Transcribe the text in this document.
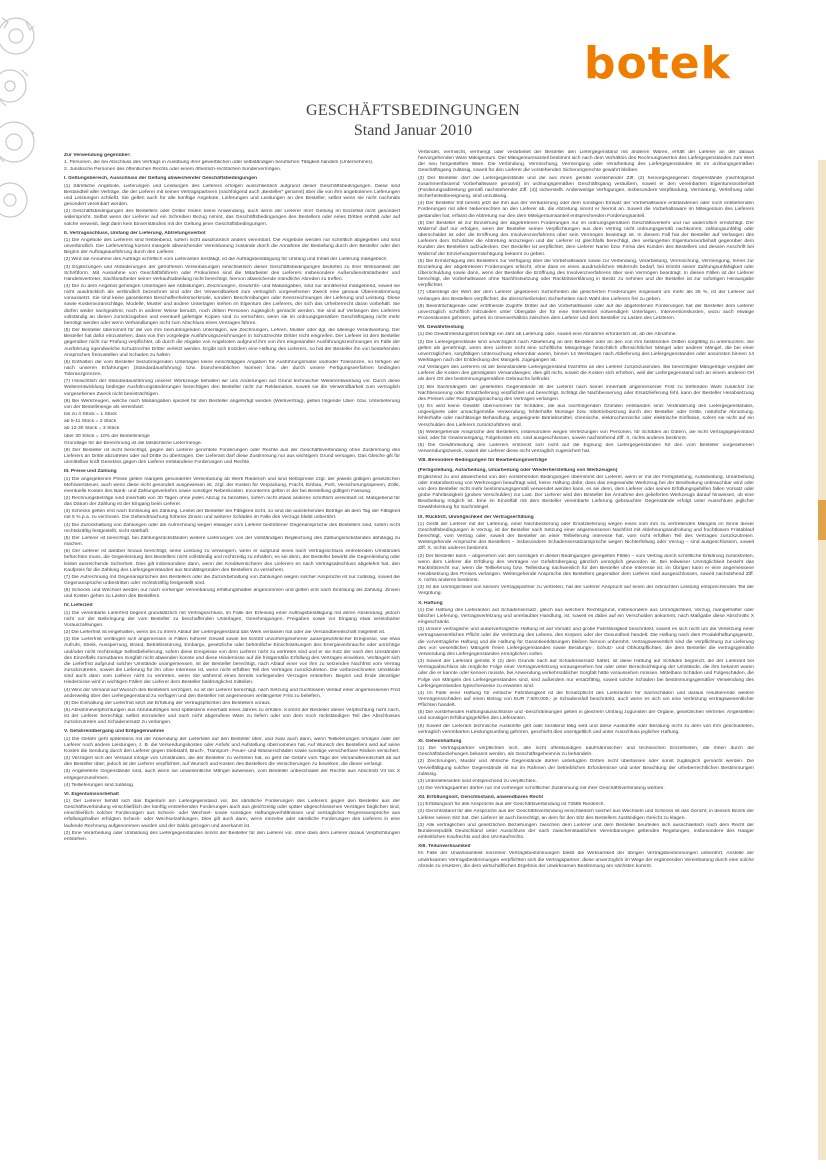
botek
GESCHÄFTSBEDINGUNGEN
Stand Januar 2010
Zur Verwendung gegenüber:
1. Personen, die bei Abschluss des Vertrags in Ausübung ihrer gewerblichen oder selbständigen beruflichen Tätigkeit handeln (Unternehmer).
2. Juristische Personen des öffentlichen Rechts oder einem öffentlich-rechtlichen Sondervermögen.
I. Geltungsbereich, Ausschluss der Geltung abweichender Geschäftsbedingungen
(1) Sämtliche Angebote, Lieferungen und Leistungen des Lieferers erfolgen ausschließlich aufgrund dieser Geschäftsbedingungen. Diese sind Bestandteil aller Verträge, die der Lieferer mit seinen Vertragspartnern (nachfolgend auch „Besteller“ genannt) über die von ihm angebotenen Lieferungen und Leistungen schließt. Sie gelten auch für alle künftige Angebote, Lieferungen und Leistungen an den Besteller, selbst wenn sie nicht nochmals gesondert vereinbart werden.
(2) Geschäftsbedingungen des Bestellers oder Dritter finden keine Anwendung, auch wenn der Lieferer ihrer Geltung im Einzelfall nicht gesondert widerspricht. Selbst wenn der Lieferer auf ein Schreiben Bezug nimmt, das Geschäftsbedingungen des Bestellers oder eines Dritten enthält oder auf solche verweist, liegt darin kein Einverständnis mit der Geltung jener Geschäftsbedingungen.
II. Vertragsschluss, Umfang der Lieferung, Abtretungsverbot
(1) Die Angebote des Lieferers sind freibleibend, sofern nicht ausdrücklich anders vereinbart. Die Angebote werden nur schriftlich abgegeben und sind unverbindlich. Der Liefervertrag kommt mangels abweichender Vereinbarung zustande durch die Annahme der Bestellung durch den Besteller oder den Beginn der Auftragsausführung durch den Lieferer.
(2) Wird die Annahme des Auftrags schriftlich vom Lieferanten bestätigt, ist die Auftragsbestätigung für Umfang und Inhalt der Lieferung maßgeblich.
(3) Ergänzungen und Abänderungen der getroffenen Vereinbarungen einschließlich dieser Geschäftsbedingungen bedürfen zu ihrer Wirksamkeit der Schriftform. Mit Ausnahme von Geschäftsführern oder Prokuristen sind die Mitarbeiter des Lieferers insbesondere Außendienstmitarbeiter und Handelsvertreter, Sachbearbeiter seiner Verkaufsabteilung nicht berechtigt, hiervon abweichende mündliche Abreden zu treffen.
(4) Die zu dem Angebot gehörigen Unterlagen wie Abbildungen, Zeichnungen, Gewichts- und Maßangaben, sind nur annähernd maßgebend, soweit sie nicht ausdrücklich als verbindlich bezeichnet sind oder der Verwendbarkeit zum vertraglich vorgesehenen Zweck eine genaue Übereinstimmung voraussetzt. Sie sind keine garantierten Beschaffenheitsmerkmale, sondern Beschreibungen oder Kennzeichnungen der Lieferung und Leistung. Diese sowie Kostenvoranschläge, Modelle, Muster und andere Unterlagen stehen im Eigentum des Lieferers, der sich das Urheberrecht daran vorbehält. Sie dürfen weder nachgeahmt, noch in anderer Weise benutzt, noch dritten Personen zugänglich gemacht werden. Sie sind auf Verlangen des Lieferers vollständig an diesen zurückzugeben und eventuell gefertigte Kopien sind zu vernichten, wenn sie im ordnungsgemäßen Geschäftsgang nicht mehr benötigt werden oder wenn Verhandlungen nicht zum Abschluss eines Vertrages führen.
(5) Der Besteller übernimmt für die von ihm beizubringenden Unterlagen, wie Zeichnungen, Lehren, Muster oder dgl. die alleinige Verantwortung. Der Besteller hat dafür einzustehen, dass von ihm vorgelegte Ausführungszeichnungen in Schutzrechte Dritter nicht eingreifen. Der Lieferer ist dem Besteller gegenüber nicht zur Prüfung verpflichtet, ob durch die Abgabe von Angeboten aufgrund ihm von ihm eingesandter Ausführungszeichnungen im Falle der Ausführung irgendwelche Schutzrechte Dritter verletzt werden. Ergibt sich trotzdem eine Haftung des Lieferers, so hat der Besteller ihn von bestehenden Ansprüchen freizustellen und Schaden zu halten.
(6) Enthalten die vom Besteller beizubringenden Unterlagen keine einschlägigen Angaben für Ausführungsmaße und/oder Toleranzen, so fertigen wir nach unseren Erfahrungen (Standardausführung) bzw. branchenüblichen Normen bzw. der durch unsere Fertigungsverfahren bedingten Toleranzgrenzen.
(7) Hinsichtlich der Standardausführung unserer Werkzeuge behalten wir uns Änderungen auf Grund technischer Weiterentwicklung vor. Durch diese Weiterentwicklung bedingte Ausführungsänderungen berechtigen den Besteller nicht zur Reklamation, soweit sie die Verwendbarkeit zum vertraglich vorgesehenen Zweck nicht beeinträchtigen.
(8) Bei Werkzeugen, welche nach Maßangaben speziell für den Besteller angefertigt werden (Werkvertrag), gelten folgende Über- bzw. Unterlieferung von der Bestellmenge als vereinbart:
bis zu 4 Stück = 1 Stück
ab 5-11 Stück = 2 Stück
ab 12-30 Stück = 3 Stück
über 30 Stück = 10% der Bestellmenge
Grundlage für die Berechnung ist die tatsächliche Liefermenge.
(9) Der Besteller ist nicht berechtigt, gegen den Lieferer gerichtete Forderungen oder Rechte aus der Geschäftsverbindung ohne Zustimmung des Lieferers an Dritte abzutreten oder auf Dritte zu übertragen. Der Lieferant darf diese Zustimmung nur aus wichtigem Grund versagen. Das Gleiche gilt für unmittelbar kraft Gesetzes gegen den Lieferer entstandene Forderungen und Rechte.
III. Preise und Zahlung
(1) Die angegebenen Preise gelten mangels gesonderter Vereinbarung ab Werk Riederich und sind Nettopreise zzgl. der jeweils gültigen gesetzlichen Mehrwertsteuer, auch wenn diese nicht gesondert ausgewiesen ist, zzgl. der Kosten für Verpackung, Fracht, Einbau, Porti, Versicherungsspesen, Zölle, eventuelle Kosten des Bank- und Zahlungsverkehrs sowie sonstiger Nebenkosten. Inconterms gelten in der bei Bestellung gültigen Fassung.
(2) Rechnungsbeträge sind innerhalb von 30 Tagen ohne jeden Abzug zu bezahlen, sofern nicht etwas anderes schriftlich vereinbart ist. Maßgebend für das Datum der Zahlung ist der Eingang beim Lieferer.
(3) Schecks gelten erst nach Einlösung als Zahlung. Leistet der Besteller bei Fälligkeit nicht, so sind die ausstehenden Beträge ab dem Tag der Fälligkeit mit 5 % p.a. zu verzinsen. Die Geltendmachung höherer Zinsen und weiterer Schäden im Falle des Verzugs bleibt unberührt.
(4) Die Zurückhaltung von Zahlungen oder die Aufrechnung wegen etwaiger vom Lieferer bestrittener Gegenansprüche des Bestellers sind, sofern nicht rechtskräftig festgestellt, nicht statthaft.
(5) Der Lieferer ist berechtigt, bei Zahlungsrückständen weitere Lieferungen von der vollständigen Begleichung des Zahlungsrückstandes abhängig zu machen.
(6) Der Lieferer ist darüber hinaus berechtigt, seine Leistung zu verweigern, wenn er aufgrund eines nach Vertragsschluss eintretenden Umstandes befürchten muss, die Gegenleistung des Bestellers nicht vollständig und rechtzeitig zu erhalten, es sei denn, der Besteller bewirkt die Gegenleistung oder leistet ausreichende Sicherheit. Dies gilt insbesondere dann, wenn der Kreditversicherer des Lieferers es nach Vertragsabschluss abgelehnt hat, den Kaufpreis für die Zahlung des Liefergegenstandes aus Bonitätsgründen des Bestellers zu versichern.
(7) Die Aufrechnung mit Gegenansprüchen des Bestellers oder die Zurückbehaltung von Zahlungen wegen solcher Ansprüche ist nur zulässig, soweit die Gegenansprüche unbestritten oder rechtskräftig festgestellt sind.
(8) Schecks und Wechsel werden nur nach vorheriger Vereinbarung erfüllungshalber angenommen und gelten erst nach Einlösung als Zahlung. Zinsen und Kosten gehen zu Lasten des Bestellers.
IV. Lieferzeit
(1) Die vereinbarte Lieferfrist beginnt grundsätzlich mit Vertragsschluss, im Falle der Erteilung einer Auftragsbestätigung mit deren Absendung, jedoch nicht vor der Beibringung der vom Besteller zu beschaffenden Unterlagen, Genehmigungen, Freigaben sowie vor Eingang etwa vereinbarter Vorauszahlungen.
(2) Die Lieferfrist ist eingehalten, wenn bis zu ihrem Ablauf der Liefergegenstand das Werk verlassen hat oder die Versandbereitschaft mitgeteilt ist.
(3) Die Lieferfrist verlängert sich angemessen in Fällen höherer Gewalt sowie bei Eintritt unvorhergesehener außergewöhnlicher Ereignisse, wie etwa Aufruhr, Streik, Aussperrung, Brand, Betriebsstörung, Embargo, gesetzliche oder behördliche Einschränkungen des Energieverbrauchs oder unrichtige und/oder nicht rechtzeitige Selbstbelieferung, sofern diese Ereignisse von dem Lieferer nicht zu vertreten sind und er sie trotz der nach den Umständen des Einzelfalls zumutbaren Sorgfalt nicht abwenden konnte und diese Hindernisse auf die fristgemäße Erfüllung des Vertrages einwirken. Verlängert sich die Lieferfrist aufgrund solcher Umstände unangemessen, ist der Besteller berechtigt, nach Ablauf einer von ihm zu setzenden Nachfrist vom Vertrag zurückzutreten, soweit die Lieferung für ihn ohne Interesse ist, wenn nicht erfüllten Teil des Vertrages zurückzutreten. Die vorbezeichneten Umstände sind auch dann vom Lieferer nicht zu vertreten, wenn Sie während eines bereits vorliegenden Verzuges entstehen. Beginn und Ende derartiger Hindernisse wird in wichtigen Fällen der Lieferer dem Besteller baldmöglichst mitteilen.
(4) Wird der Versand auf Wunsch des Bestellers verzögert, so ist der Lieferer berechtigt, nach Setzung und fruchtlosem Verlauf einer angemessenen Frist anderweitig über den Liefergegenstand zu verfügen und den Besteller mit angemessen verlängerter Frist zu beliefern.
(5) Die Einhaltung der Lieferfrist setzt die Erfüllung der Vertragspflichten des Bestellers voraus.
(6) Abnahmeverpflichtungen aus Abrufaufträgen sind spätestens innerhalb eines Jahres zu erfüllen. Kommt der Besteller dieser Verpflichtung nicht nach, ist der Lieferer berechtigt, selbst einzuteilen und nach nicht abgerufene Ware zu liefern oder von dem noch rückständigen Teil des Abschlusses zurückzutreten und Schadenersatz zu verlangen.
V. Gefahrenübergang und Entgegennahme
(1) Die Gefahr geht spätestens mit der Absendung der Lieferteile auf den Besteller über, und zwar auch dann, wenn Teillieferungen erfolgen oder der Lieferer noch andere Leistungen, z. B. die Versendungskosten oder Anfuhr und Aufstellung übernommen hat. Auf Wunsch des Bestellers wird auf seine Kosten die Sendung durch den Lieferer gegen Diebstahl, Bruch-, Transport-, Feuer- und Wasserschäden sowie sonstige versicherbare Risiken versichert.
(2) Verzögert sich der Versand infolge von Umständen, die der Besteller zu vertreten hat, so geht die Gefahr vom Tage der Versandbereitschaft ab auf den Besteller über; jedoch ist der Lieferer verpflichtet, auf Wunsch und Kosten des Bestellers die Versicherungen zu bewirken, die dieser verlangt.
(3) Angelieferte Gegenstände sind, auch wenn sie unwesentliche Mängel aufweisen, vom Besteller unbeschadet der Rechte aus Abschnitt VII bis X entgegenzunehmen.
(4) Teillieferungen sind zulässig.
VI. Eigentumsvorbehalt
(1) Der Lieferer behält sich das Eigentum am Liefergegenstand vor, bis sämtliche Forderungen des Lieferers gegen den Besteller aus der Geschäftsverbindung einschließlich der künftig entstehenden Forderungen auch aus gleichzeitig oder später abgeschlossenen Verträgen beglichen sind, einschließlich solcher Forderungen aus Scheck- oder Wechsel- sowie sonstigen Haftungsverhältnissen und vertraglicher Regressansprüche aus erfüllungshalber erfolgten Scheck- oder Wechselzahlungen. Dies gilt auch dann, wenn einzelne oder sämtliche Forderungen des Lieferers in eine laufende Rechnung aufgenommen wurden und der Saldo gezogen und anerkannt ist.
(2) Eine Verarbeitung oder Umbildung des Liefergegenstandes nimmt der Besteller für den Lieferer vor, ohne dass dem Lieferer daraus Verpflichtungen entstehen.
Verbindet, vermischt, vermengt oder verarbeitet der Besteller den Liefergegenstand mit anderen Waren, erhält der Lieferer an der daraus hervorgehenden Ware Miteigentum. Der Miteigentumsanteil bestimmt sich nach dem Verhältnis des Rechnungswertes des Liefergegenstandes zum Wert der neu hergestellten Ware. Die Verbindung, Vermischung, Vermengung oder Verarbeitung des Liefergegenstandes ist im ordnungsgemäßen Geschäftsgang zulässig, soweit für den Lieferer die vorstehenden Sicherungsrechte gewahrt bleiben.
(3) Der Besteller darf die Liefergegenstände und die aus ihnen gemäß vorstehender Ziff. (2) hervorgegangenen Gegenstände (nachfolgend zusammenfassend Vorbehaltsware genannt) im ordnungsgemäßen Geschäftsgang veräußern, soweit er den vereinbarten Eigentumsvorbehalt (Forderungsabtretung gemäß nachstehender Ziff. (4)) sicherstellt. Anderweitige Verfügungen, insbesondere Verpfändung, Vermietung, Verleihung oder Sicherheitsübereignung, sind unzulässig.
(4) Der Besteller tritt bereits jetzt die ihm aus der Veräußerung oder dem sonstigen Einsatz der Vorbehaltsware entstandenen oder noch entstehenden Forderungen mit allen Nebenrechten an den Lieferer ab, die Abtretung nimmt er hiermit an. Soweit die Vorbehaltsware im Miteigentum des Lieferers gestanden hat, erfasst die Abtretung nur den dem Miteigentumsanteil entsprechenden Forderungsanteil.
(5) Der Besteller ist zur Einziehung der abgetretenen Forderungen nur im ordnungsgemäßen Geschäftsverkehr und nur widerruflich ermächtigt. Der Widerruf darf nur erfolgen, wenn der Besteller seinen Verpflichtungen aus dem Vertrag nicht ordnungsgemäß nachkommt, zahlungsunfähig oder überschuldet ist oder die Eröffnung des Insolvenzverfahrens über sein Vermögen beantragt ist. In diesem Fall hat der Besteller auf Verlangen des Lieferers dem Schuldner die Abtretung anzuzeigen und der Lieferer ist gleichfalls berechtigt, den verlangerten Eigentumsvorbehalt gegenüber dem Kunden des Bestellers aufzudecken. Der Besteller ist verpflichtet, dem Lieferer Name bzw. Firma des Kunden des Bestellers und dessen Anschrift bei Widerruf der Einziehungsermächtigung bekannt zu geben.
(6) Die Ermächtigung des Bestellers zur Verfügung über die Vorbehaltsware sowie zur Verbindung, Verarbeitung, Vermischung, Vermengung, ferner zur Einziehung der abgetretenen Forderungen erlischt, ohne dass es eines ausdrücklichen Widerrufs bedarf, bei Eintritt seiner Zahlungsunfähigkeit oder Überschuldung sowie dann, wenn der Besteller die Eröffnung des Insolvenzverfahrens über sein Vermögen beantragt. In diesen Fällen ist der Lieferer berechtigt, die Vorbehaltsware ohne Nachfristsetzung oder Rücktrittserklärung in Besitz zu nehmen und der Besteller ist zur sofortigen Herausgabe verpflichtet.
(7) Übersteigt der Wert der dem Lieferer gegebenen Sicherheiten die gesicherten Forderungen insgesamt um mehr als 25 %, ist der Lieferer auf Verlangen des Bestellers verpflichtet, die überschießenden Sicherheiten nach Wahl des Lieferers frei zu geben.
(8) Beeinträchtigende oder eröffnende Zugriffe Dritter auf die Vorbehaltsware oder auf die abgetretenen Forderungen hat der Besteller dem Lieferer unverzüglich schriftlich mitzuteilen unter Übergabe der für eine Intervention notwendigen Unterlagen. Interventionskosten, wozu auch etwaige Prozesskosten gehören, gehen im Innenverhältnis zwischen dem Lieferer und dem Besteller zu Lasten des Letzteren.
VII. Gewährleistung
(1) Die Gewährleistungsfrist beträgt ein Jahr ab Lieferung oder, soweit eine Abnahme erforderlich ist, ab der Abnahme.
(2) Die Liefergegenstände sind unverzüglich nach Ablieferung an den Besteller oder an den von ihm bestimmten Dritten sorgfältig zu untersuchen. Sie gelten als genehmigt, wenn dem Lieferer nicht eine schriftliche Mängelrüge hinsichtlich offensichtlicher Mängel oder anderer Mängel, die bei einer unverzüglichen, sorgfältigen Untersuchung erkennbar waren, binnen 14 Werktagen nach Ablieferung des Liefergegenstandes oder ansonsten binnen 14 Werktagen nach der Entdeckung des Mangels, zugegangen ist.
Auf Verlangen des Lieferers ist der beanstandete Liefergegenstand frachtfrei an den Lieferer zurückzusenden. Bei berechtigter Mängelrüge vergütet der Lieferer die Kosten des günstigsten Versandweges; dies gilt nicht, soweit die Kosten sich erhöhen, weil der Liefergegenstand sich an einem anderen Ort als dem Ort des bestimmungsgemäßen Gebrauchs befindet.
(3) Bei Sachmängeln der gelieferten Gegenstände ist der Lieferer nach seiner innerhalb angemessener Frist zu treffenden Wahl zunächst zur Nachbesserung oder Ersatzlieferung verpflichtet und berechtigt. Schlägt die Nachbesserung oder Ersatzlieferung fehl, kann der Besteller Herabsetzung des Preises oder Rückgängigmachung des Vertrages verlangen.
(4) Es wird keine Gewähr übernommen für Schäden, die aus nachfolgenden Gründen entstanden sind: Veränderung des Liefergegenstandes, ungeeignete oder unsachgemäße Verwendung, fehlerhafte Montage bzw. Inbetriebsetzung durch den Besteller oder Dritte, natürliche Abnutzung, fehlerhafte oder nachlässige Behandlung, ungeeignete Betriebsmittel, chemische, elektrochemische oder elektrische Einflüsse, sofern sie nicht auf ein Verschulden des Lieferers zurückzuführen sind.
(5) Weitergehende Ansprüche des Bestellers, insbesondere wegen Verletzungen von Personen, für Schäden an Gütern, die nicht Vertragsgegenstand sind, oder für Gewinnentgang, Folgekosten etc. sind ausgeschlossen, soweit nachstehend Ziff. X. nichts anderes bestimmt.
(6) Die Gewährleistung des Lieferers erstreckt sich nicht auf die Eignung des Liefergegenstandes für den vom Besteller vorgesehenen Verwendungszweck, soweit der Lieferer diese nicht vertraglich zugesichert hat.
VIII. Besondere Bedingungen für Bearbeitungsverträge
(Fertigstellung, Aufarbeitung, Umarbeitung oder Wiederherstellung von Werkzeugen)
Ergänzend zu und abweichend von den vorstehenden Bedingungen übernimmt der Lieferer, wenn er mit der Fertigstellung, Aufarbeitung, Umarbeitung oder Instandsetzung von Werkzeugen beauftragt wird, keine Haftung dafür, dass das eingesandte Werkzeug bei der Bearbeitung unbrauchbar wird oder von dem Besteller nicht mehr bestimmungsgemäß verwendet werden kann, es sei denn, dem Lieferer oder seinen Erfüllungsgehilfen fallen Vorsatz oder grobe Fahrlässigkeit (grobes Verschulden) zur Last. Der Lieferer wird den Besteller bei Annahme des gelieferten Werkzeugs darauf hinweisen, ob eine Bearbeitung möglich ist. Eine im Einzelfall mit dem Besteller vereinbarte Lieferung gebrauchter Gegenstände erfolgt unter Ausschluss jeglicher Gewährleistung für Sachmängel.
IX. Rücktritt, Unmöglichkeit der Vertragserfüllung
(1) Gerät der Lieferer mit der Lieferung, einer Nachbesserung oder Ersatzlieferung wegen eines vom ihm zu vertretenden Mangels im Sinne dieser Geschäftsbedingungen in Verzug, ist der Besteller nach Setzung einer angemessenen Nachfrist mit Ablehnungsandrohung und fruchtlosem Fristablauf berechtigt, vom Vertrag oder, soweit der Besteller an einer Teillieferung interesse hat, vom nicht erfüllten Teil des Vertrages zurückzutreten. Weitergehende Ansprüche des Bestellers – insbesondere Schadensersatzansprüche wegen Nichterfüllung oder Verzug – sind ausgeschlossen, soweit Ziff. X. nichts anderes bestimmt.
(2) Der Besteller kann – abgesehen von den sonstigen in diesen Bedingungen geregelten Fällen – vom Vertrag durch schriftliche Erklärung zurücktreten, wenn dem Lieferer die Erfüllung des Vertrages vor Gefahrübergang gänzlich unmöglich geworden ist. Bei teilweiser Unmöglichkeit besteht das Rücktrittsrecht nur, wenn die Teillieferung bzw. Teilleistung nachweislich für den Besteller ohne Interesse ist; im Übrigen kann er eine angemessene Herabsetzung des Preises verlangen. Weitergehende Ansprüche des Bestellers gegenüber dem Lieferer sind ausgeschlossen, soweit nachstehend Ziff. X. nichts anderes bestimmt.
(3) Ist die Unmöglichkeit von keinem Vertragspartner zu vertreten, hat der Lieferer Anspruch auf einen der erbrachten Leistung entsprechenden Teil der Vergütung.
X. Haftung
(1) Die Haftung des Lieferanten auf Schadensersatz, gleich aus welchem Rechtsgrund, insbesondere aus Unmöglichkeit, Verzug, mangelhafter oder falscher Lieferung, Vertragsverletzung und unerlaubter Handlung, ist, soweit es dabei auf ein Verschulden ankommt, nach Maßgabe diese Abschnitts X eingeschränkt.
(2) Unsere vertragliche und außervertragliche Haftung ist auf Vorsatz und grobe Fahrlässigkeit beschränkt, soweit es sich nicht um die Verletzung einer vertragswesentlichen Pflicht oder die Verletzung des Lebens, des Körpers oder der Gesundheit handelt. Die Haftung nach dem Produkthaftungsgesetz, die vorvertragliche Haftung und die Haftung für Garantieerklärungen bleiben hiervon unberührt. Vertragswesentlich sind die Verpflichtung zur Lieferung des von wesentlichen Mängeln freien Liefergegenstandes sowie Beratungs-, Schutz- und Obhutspflichten, die dem Besteller die vertragsgemäße Verwendung des Liefergegenstandes ermöglichen sollen.
(3) Soweit der Lieferant gemäß X (2) dem Grunde nach auf Schadensersatz haftet, ist diese Haftung auf Schäden begrenzt, die der Lieferant bei Vertragsabschluss als mögliche Folge einer Vertragsverletzung vorausgesehen hat oder unter Berücksichtigung der Umstände, die ihm bekannt waren oder die er kannte oder kennen musste, bei Anwendung verkehrsüblicher Sorgfalt hätte voraussehen müssen. Mittelbare Schäden und Folgeschäden, die Folge von Mängeln des Liefergegenstandes sind, sind außerdem nur ersatzfähig, soweit solche Schäden bei bestimmungsgemäßer Verwendung des Liefergegenstandes typischerweise zu erwarten sind.
(4) Im Falle einer Haftung für einfache Fahrlässigkeit ist die Ersatzpflicht des Lieferanten für Sachschäden und daraus resultierende weitere Vermögensschäden auf einen Betrag von EUR 7.500.000,- je Schadensfall beschränkt, auch wenn es sich um eine Verletzung vertragswesentlicher Pflichten handelt.
(5) Die vorstehenden Haftungsausschlüsse und -beschränkungen gelten in gleichem Umfang zugunsten der Organe, gesetzlichen Vertreter, Angestellten und sonstigen Erfüllungsgehilfen des Lieferanten.
(6) Soweit der Lieferant technische Auskünfte gibt oder beratend tätig wird und diese Auskünfte oder Beratung nicht zu dem von ihm geschuldeten, vertraglich vereinbarten Leistungsumfang gehören, geschieht dies unentgeltlich und unter Ausschluss jeglicher Haftung.
XI. Geheimhaltung
(1) Die Vertragspartner verpflichten sich, alle nicht offenkundigen kaufmännischen und technischen Einzelheiten, die ihnen durch die Geschäftsbeziehungen bekannt werden, als Geschäftsgeheimnis zu behandeln.
(2) Zeichnungen, Muster und ähnliche Gegenstände dürfen unbefugten Dritten nicht überlassen oder sonst zugänglich gemacht werden. Die Vervielfältigung solcher Gegenstände ist nur im Rahmen der betrieblichen Erfordernisse und unter Beachtung der urheberrechtlichen Bestimmungen zulässig.
(3) Unterlieferanten sind entsprechend zu verpflichten.
(4) Die Vertragspartner dürfen nur mit vorheriger schriftlicher Zustimmung mit ihrer Geschäftsverbindung werben.
XII. Erfüllungsort, Gerichtsstand, anwendbares Recht
(1) Erfüllungsort für alle Ansprüche aus der Geschäftsverbindung ist 72585 Riederich.
(2) Gerichtsstand für alle Ansprüche aus der Geschäftsverbindung einschließlich solcher aus Wechseln und Schecks ist das Gericht, in dessen Bezirk der Lieferer seinen Sitz hat. Der Lieferer ist auch berechtigt, an dem für den Sitz des Bestellers zuständigen Gericht zu klagen.
(3) Alle vertraglichen und gesetzlichen Beziehungen zwischen dem Lieferer und dem Besteller beurteilen sich ausschließlich nach dem Recht der Bundesrepublik Deutschland unter Ausschluss der nach zwischenstaatlichen Vereinbarungen geltenden Regelungen, insbesondere des Haager einheitlichen Kaufrechts und des UN-Kaufrechts.
XIII. Teilunwirksamkeit
Im Falle der Unwirksamkeit einzelner Vertragsbestimmungen bleibt die Wirksamkeit der übrigen Vertragsbestimmungen unberührt. Anstelle der unwirksamen Vertragsbestimmungen verpflichten sich die Vertragspartner, diese unverzüglich im Wege der ergänzenden Vereinbarung durch eine solche Abrede zu ersetzen, die dem wirtschaftlichen Ergebnis der unwirksamen Bestimmung am nächsten kommt.
